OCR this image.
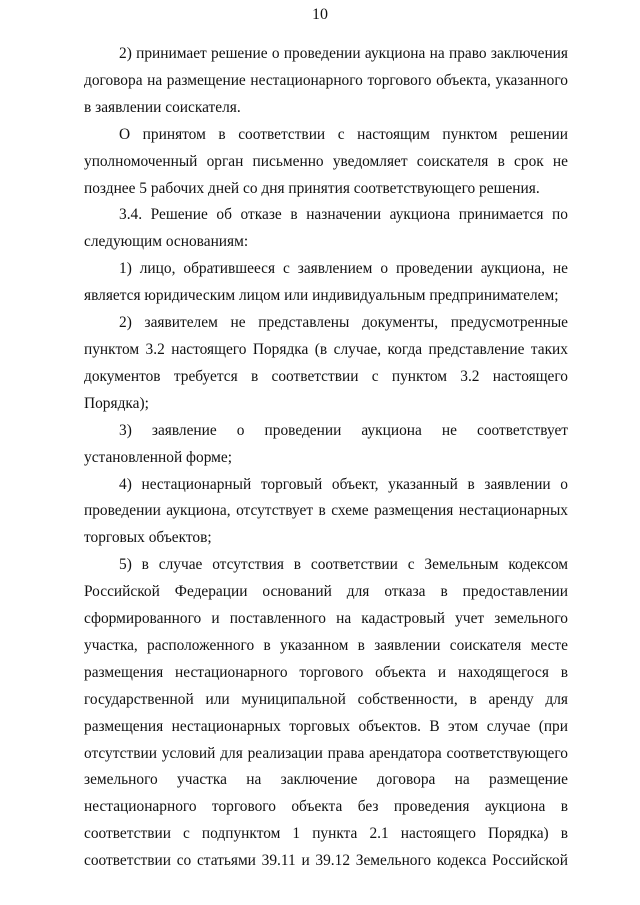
10

2) принимает решение о проведении аукциона на право заключения договора на размещение нестационарного торгового объекта, указанного в заявлении соискателя.

О принятом в соответствии с настоящим пунктом решении уполномоченный орган письменно уведомляет соискателя в срок не позднее 5 рабочих дней со дня принятия соответствующего решения.

3.4. Решение об отказе в назначении аукциона принимается по следующим основаниям:

1) лицо, обратившееся с заявлением о проведении аукциона, не является юридическим лицом или индивидуальным предпринимателем;

2) заявителем не представлены документы, предусмотренные пунктом 3.2 настоящего Порядка (в случае, когда представление таких документов требуется в соответствии с пунктом 3.2 настоящего Порядка);

3) заявление о проведении аукциона не соответствует установленной форме;

4) нестационарный торговый объект, указанный в заявлении о проведении аукциона, отсутствует в схеме размещения нестационарных торговых объектов;

5) в случае отсутствия в соответствии с Земельным кодексом Российской Федерации оснований для отказа в предоставлении сформированного и поставленного на кадастровый учет земельного участка, расположенного в указанном в заявлении соискателя месте размещения нестационарного торгового объекта и находящегося в государственной или муниципальной собственности, в аренду для размещения нестационарных торговых объектов. В этом случае (при отсутствии условий для реализации права арендатора соответствующего земельного участка на заключение договора на размещение нестационарного торгового объекта без проведения аукциона в соответствии с подпунктом 1 пункта 2.1 настоящего Порядка) в соответствии со статьями 39.11 и 39.12 Земельного кодекса Российской
